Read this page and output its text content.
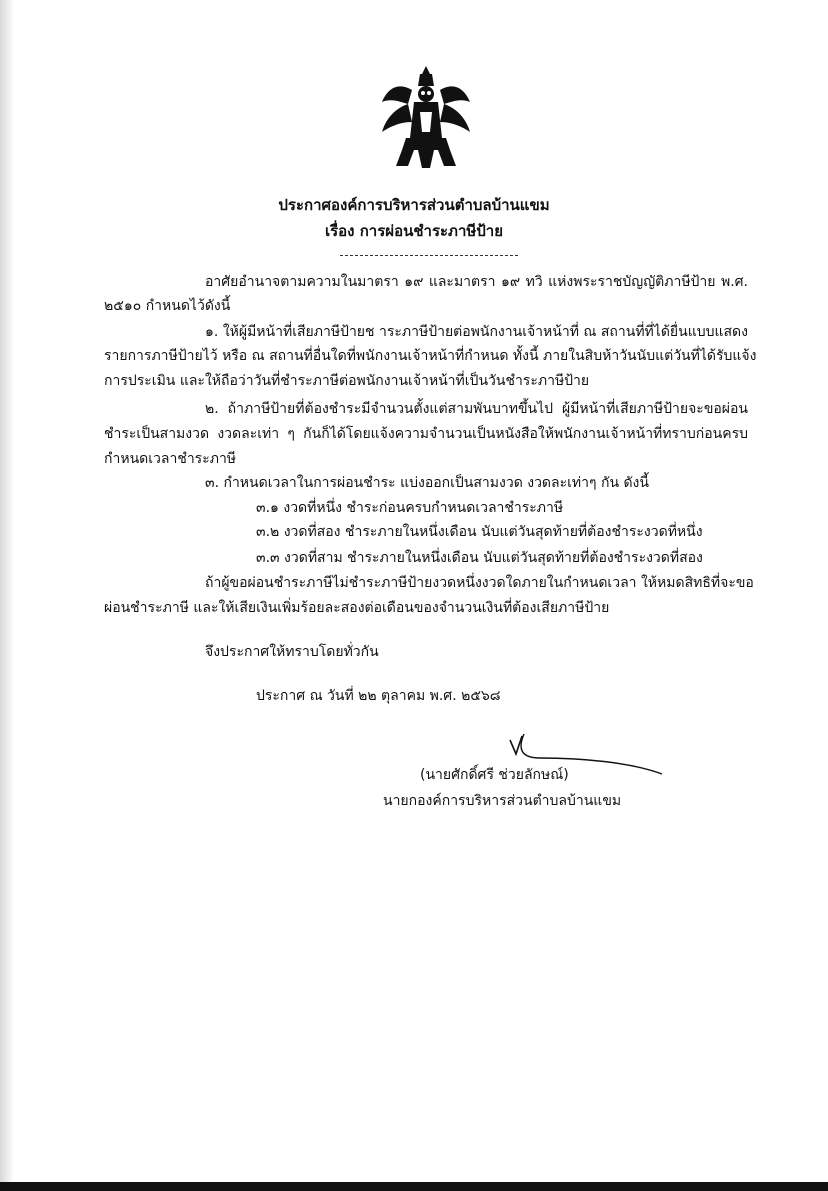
ประกาศองค์การบริหารส่วนตำบลบ้านแขม
เรื่อง การผ่อนชำระภาษีป้าย
อาศัยอำนาจตามความในมาตรา ๑๙ และมาตรา ๑๙ ทวิ แห่งพระราชบัญญัติภาษีป้าย พ.ศ.
๒๕๑๐ กำหนดไว้ดังนี้
๑. ให้ผู้มีหน้าที่เสียภาษีป้ายช าระภาษีป้ายต่อพนักงานเจ้าหน้าที่ ณ สถานที่ที่ได้ยื่นแบบแสดง
รายการภาษีป้ายไว้ หรือ ณ สถานที่อื่นใดที่พนักงานเจ้าหน้าที่กำหนด ทั้งนี้ ภายในสิบห้าวันนับแต่วันที่ได้รับแจ้ง
การประเมิน และให้ถือว่าวันที่ชำระภาษีต่อพนักงานเจ้าหน้าที่เป็นวันชำระภาษีป้าย
๒. ถ้าภาษีป้ายที่ต้องชำระมีจำนวนตั้งแต่สามพันบาทขึ้นไป ผู้มีหน้าที่เสียภาษีป้ายจะขอผ่อน
ชำระเป็นสามงวด งวดละเท่า ๆ กันก็ได้โดยแจ้งความจำนวนเป็นหนังสือให้พนักงานเจ้าหน้าที่ทราบก่อนครบ
กำหนดเวลาชำระภาษี
๓. กำหนดเวลาในการผ่อนชำระ แบ่งออกเป็นสามงวด งวดละเท่าๆ กัน ดังนี้
๓.๑ งวดที่หนึ่ง ชำระก่อนครบกำหนดเวลาชำระภาษี
๓.๒ งวดที่สอง ชำระภายในหนึ่งเดือน นับแต่วันสุดท้ายที่ต้องชำระงวดที่หนึ่ง
๓.๓ งวดที่สาม ชำระภายในหนึ่งเดือน นับแต่วันสุดท้ายที่ต้องชำระงวดที่สอง
ถ้าผู้ขอผ่อนชำระภาษีไม่ชำระภาษีป้ายงวดหนึ่งงวดใดภายในกำหนดเวลา ให้หมดสิทธิที่จะขอ
ผ่อนชำระภาษี และให้เสียเงินเพิ่มร้อยละสองต่อเดือนของจำนวนเงินที่ต้องเสียภาษีป้าย
จึงประกาศให้ทราบโดยทั่วกัน
ประกาศ ณ วันที่ ๒๒ ตุลาคม พ.ศ. ๒๕๖๘
(นายศักดิ์ศรี ช่วยลักษณ์)
นายกองค์การบริหารส่วนตำบลบ้านแขม
